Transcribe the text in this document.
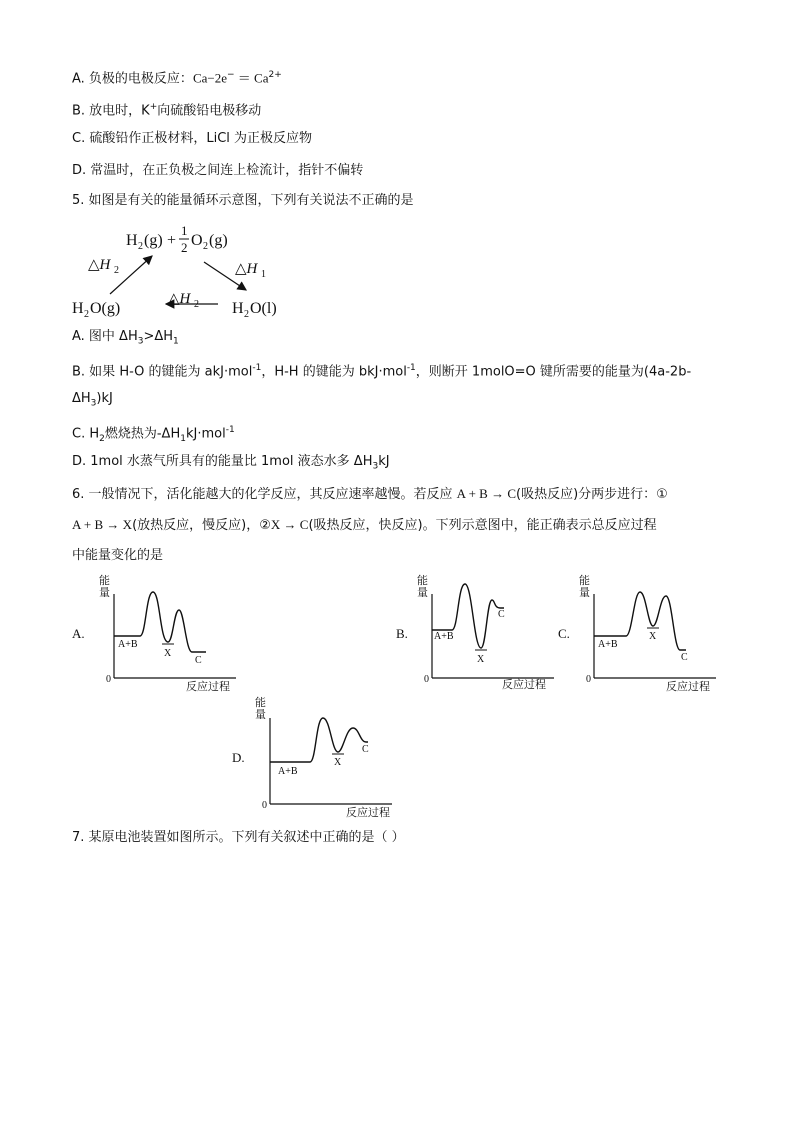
A. 负极的电极反应：$Ca-2e^- = Ca^{2+}$
B. 放电时，K+向硫酸铅电极移动
C. 硫酸铅作正极材料，LiCl 为正极反应物
D. 常温时，在正负极之间连上检流计，指针不偏转
5. 如图是有关的能量循环示意图，下列有关说法不正确的是
H 2 (g) +
1
2 O 2 (g)
△H 2	△H 1
△H 2
H 2 O(g)	H 2 O(l)
A. 图中 $\Delta H_3>\Delta H_1$
B. 如果 H-O 的键能为 akJ·mol$^{-1}$，H-H 的键能为 bkJ·mol$^{-1}$，则断开 1molO=O 键所需要的能量为(4a-2b-
$\Delta H_3)kJ$
C. $H_2$燃烧热为$-\Delta H_1kJ\cdot mol^{-1}$
D. 1mol 水蒸气所具有的能量比 1mol 液态水多 $\Delta H_3kJ$
6. 一般情况下，活化能越大的化学反应，其反应速率越慢。若反应 A + B → C(吸热反应)分两步进行：①
A + B → X(放热反应，慢反应)，②X → C(吸热反应，快反应)。下列示意图中，能正确表示总反应过程
中能量变化的是
A.	B.	C.
D.
能
量
0
反应过程
A+B
X
C
能
量
0	反应过程
A+B
X
C
能
量
0
反应过程
A+B
X
C
能
量
0
反应过程
A+B
X
C
7. 某原电池装置如图所示。下列有关叙述中正确的是（ ）
